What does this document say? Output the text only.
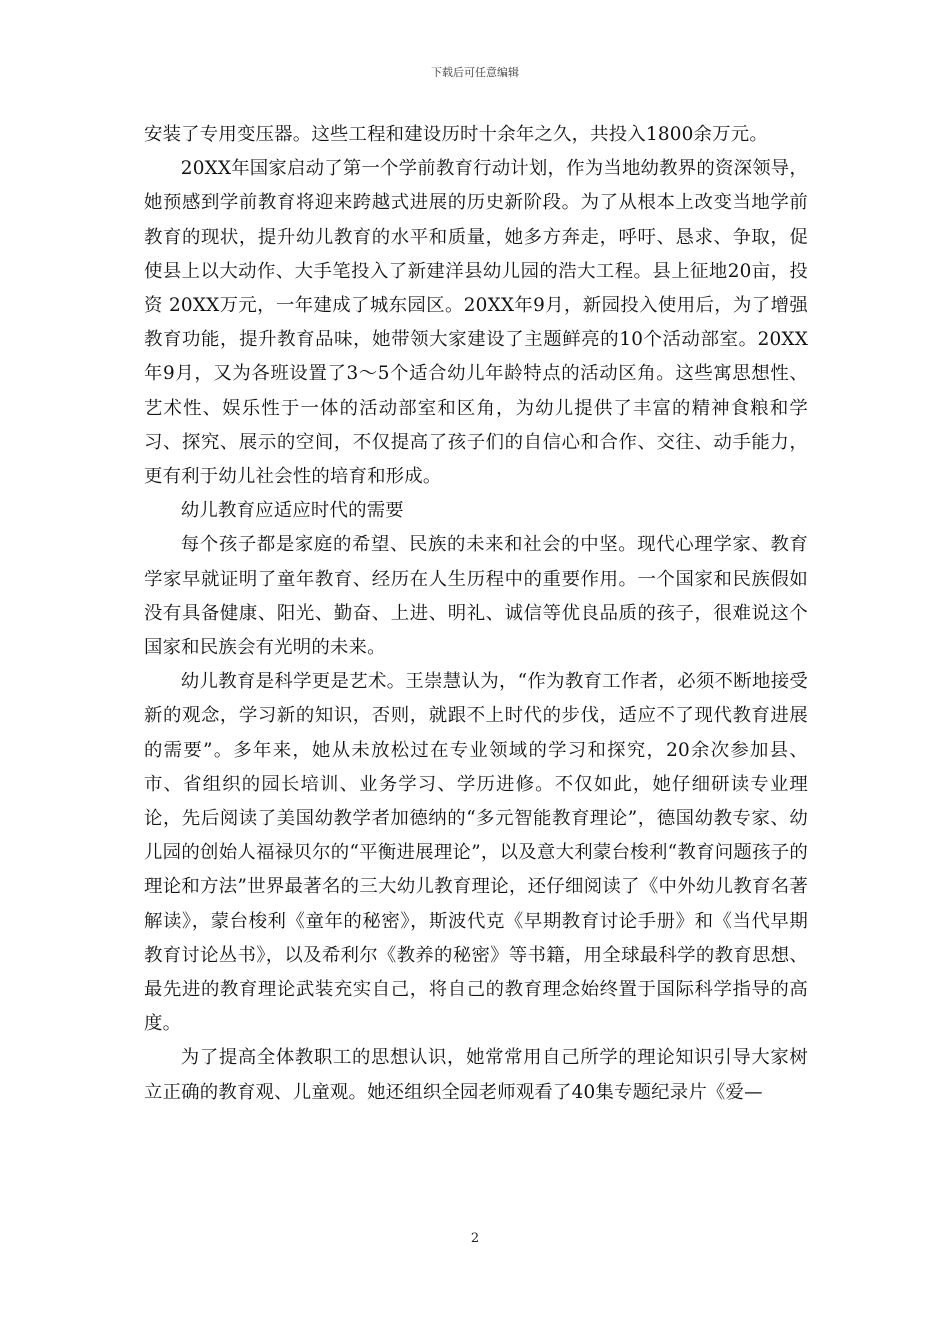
下载后可任意编辑

安装了专用变压器。这些工程和建设历时十余年之久，共投入1800余万元。

20XX年国家启动了第一个学前教育行动计划，作为当地幼教界的资深领导，她预感到学前教育将迎来跨越式进展的历史新阶段。为了从根本上改变当地学前教育的现状，提升幼儿教育的水平和质量，她多方奔走，呼吁、恳求、争取，促使县上以大动作、大手笔投入了新建洋县幼儿园的浩大工程。县上征地20亩，投资 20XX万元，一年建成了城东园区。20XX年9月，新园投入使用后，为了增强教育功能，提升教育品味，她带领大家建设了主题鲜亮的10个活动部室。20XX年9月，又为各班设置了3～5个适合幼儿年龄特点的活动区角。这些寓思想性、艺术性、娱乐性于一体的活动部室和区角，为幼儿提供了丰富的精神食粮和学习、探究、展示的空间，不仅提高了孩子们的自信心和合作、交往、动手能力，更有利于幼儿社会性的培育和形成。

幼儿教育应适应时代的需要

每个孩子都是家庭的希望、民族的未来和社会的中坚。现代心理学家、教育学家早就证明了童年教育、经历在人生历程中的重要作用。一个国家和民族假如没有具备健康、阳光、勤奋、上进、明礼、诚信等优良品质的孩子，很难说这个国家和民族会有光明的未来。

幼儿教育是科学更是艺术。王崇慧认为，“作为教育工作者，必须不断地接受新的观念，学习新的知识，否则，就跟不上时代的步伐，适应不了现代教育进展的需要”。多年来，她从未放松过在专业领域的学习和探究，20余次参加县、市、省组织的园长培训、业务学习、学历进修。不仅如此，她仔细研读专业理论，先后阅读了美国幼教学者加德纳的“多元智能教育理论”，德国幼教专家、幼儿园的创始人福禄贝尔的“平衡进展理论”，以及意大利蒙台梭利“教育问题孩子的理论和方法”世界最著名的三大幼儿教育理论，还仔细阅读了《中外幼儿教育名著解读》，蒙台梭利《童年的秘密》，斯波代克《早期教育讨论手册》和《当代早期教育讨论丛书》，以及希利尔《教养的秘密》等书籍，用全球最科学的教育思想、最先进的教育理论武装充实自己，将自己的教育理念始终置于国际科学指导的高度。

为了提高全体教职工的思想认识，她常常用自己所学的理论知识引导大家树立正确的教育观、儿童观。她还组织全园老师观看了40集专题纪录片《爱—

2
